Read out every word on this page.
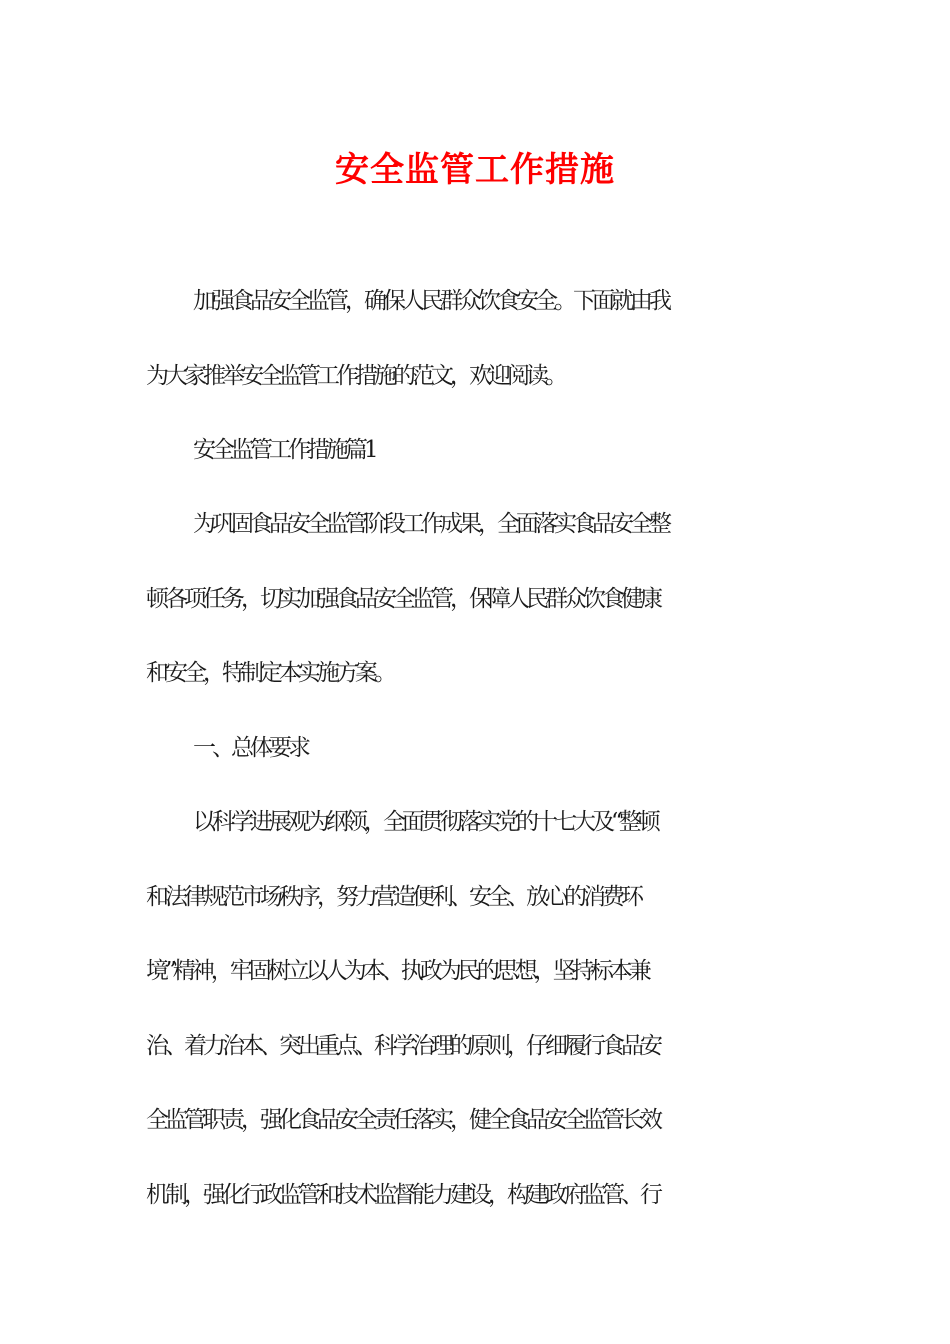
安全监管工作措施
加强食品安全监管，确保人民群众饮食安全。下面就由我
为大家推举安全监管工作措施的范文，欢迎阅读。
安全监管工作措施篇1
为巩固食品安全监管阶段工作成果，全面落实食品安全整
顿各项任务，切实加强食品安全监管，保障人民群众饮食健康
和安全，特制定本实施方案。
一、总体要求
以科学进展观为纲领，全面贯彻落实党的十七大及“整顿
和法律规范市场秩序，努力营造便利、安全、放心的消费环
境”精神，牢固树立以人为本、执政为民的思想，坚持标本兼
治、着力治本、突出重点、科学治理的原则，仔细履行食品安
全监管职责，强化食品安全责任落实，健全食品安全监管长效
机制，强化行政监管和技术监督能力建设，构建政府监管、行
